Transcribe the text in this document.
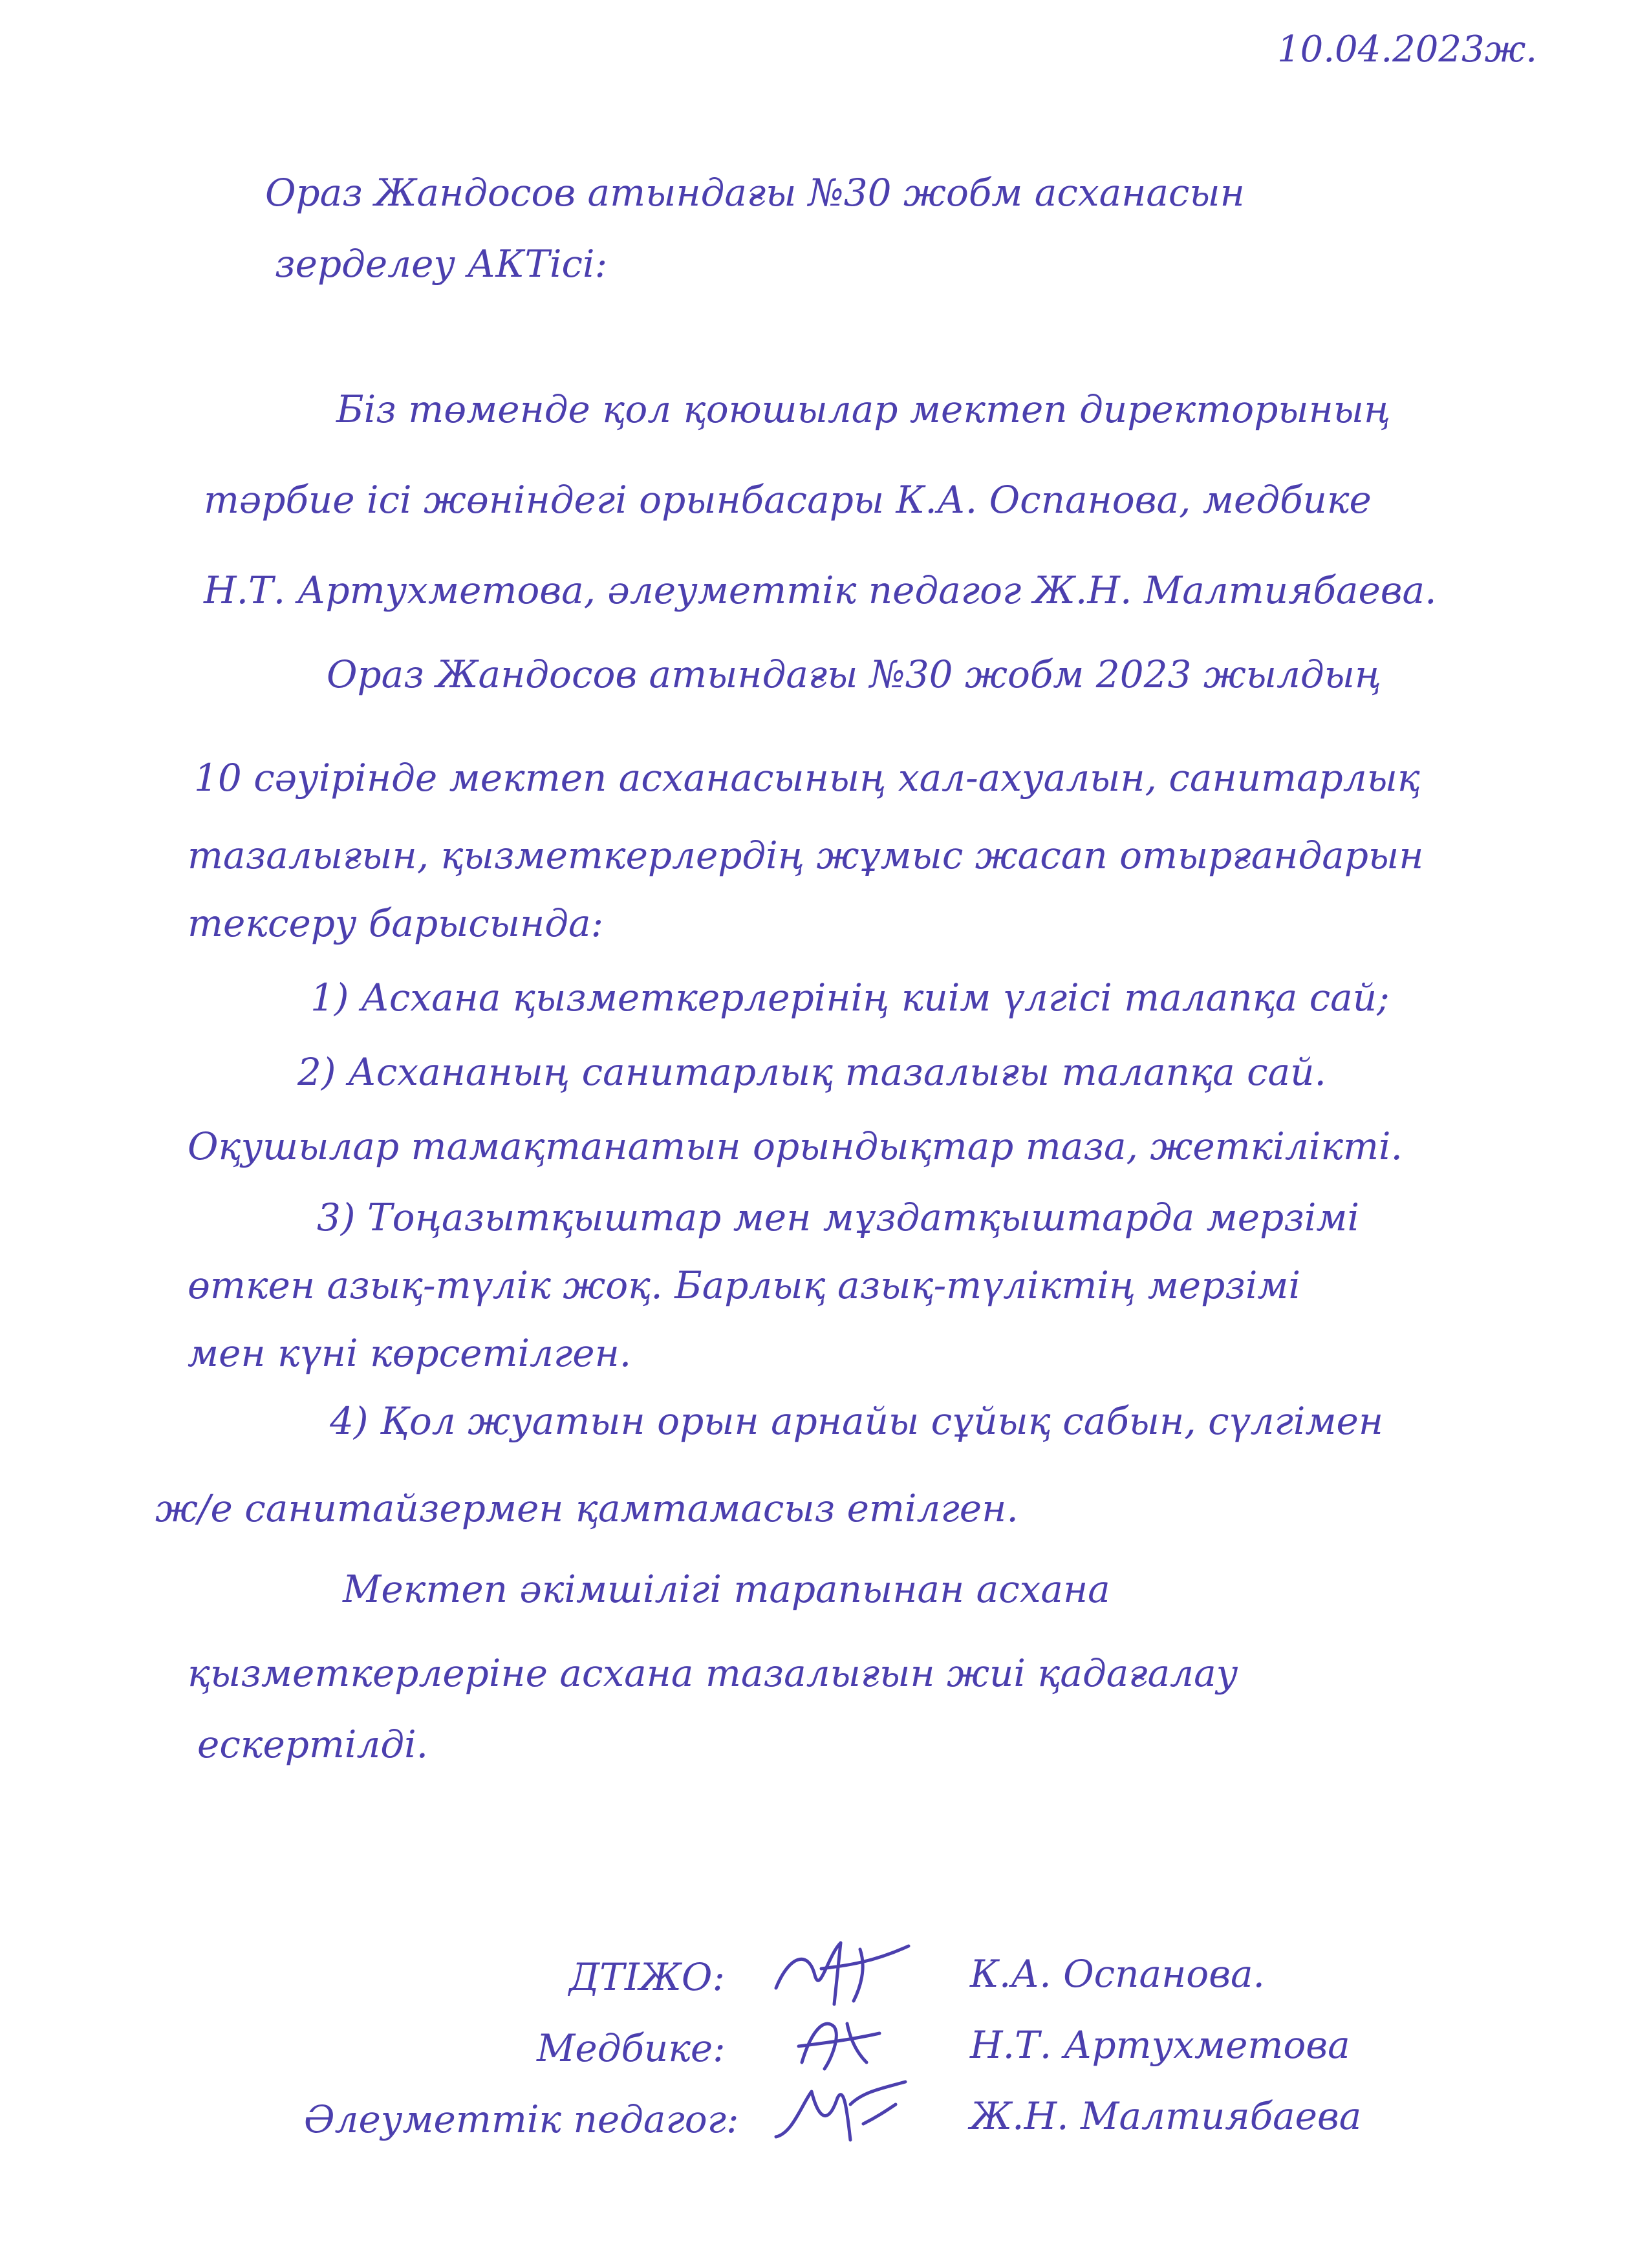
10.04.2023ж.

Ораз Жандосов атындағы №30 жобм асханасын

зерделеу АКТісі:

Біз төменде қол қоюшылар мектеп директорының

тәрбие ісі жөніндегі орынбасары К.А. Оспанова, медбике

Н.Т. Артухметова, әлеуметтік педагог Ж.Н. Малтиябаева.

Ораз Жандосов атындағы №30 жобм 2023 жылдың

10 сәуірінде мектеп асханасының хал-ахуалын, санитарлық

тазалығын, қызметкерлердің жұмыс жасап отырғандарын

тексеру барысында:

1) Асхана қызметкерлерінің киім үлгісі талапқа сай;

2) Асхананың санитарлық тазалығы талапқа сай.

Оқушылар тамақтанатын орындықтар таза, жеткілікті.

3) Тоңазытқыштар мен мұздатқыштарда мерзімі

өткен азық-түлік жоқ. Барлық азық-түліктің мерзімі

мен күні көрсетілген.

4) Қол жуатын орын арнайы сұйық сабын, сүлгімен

ж/е санитайзермен қамтамасыз етілген.

Мектеп әкімшілігі тарапынан асхана

қызметкерлеріне асхана тазалығын жиі қадағалау

ескертілді.

ДТІЖО:	К.А. Оспанова.

Медбике:	Н.Т. Артухметова

Әлеуметтік педагог:	Ж.Н. Малтиябаева
